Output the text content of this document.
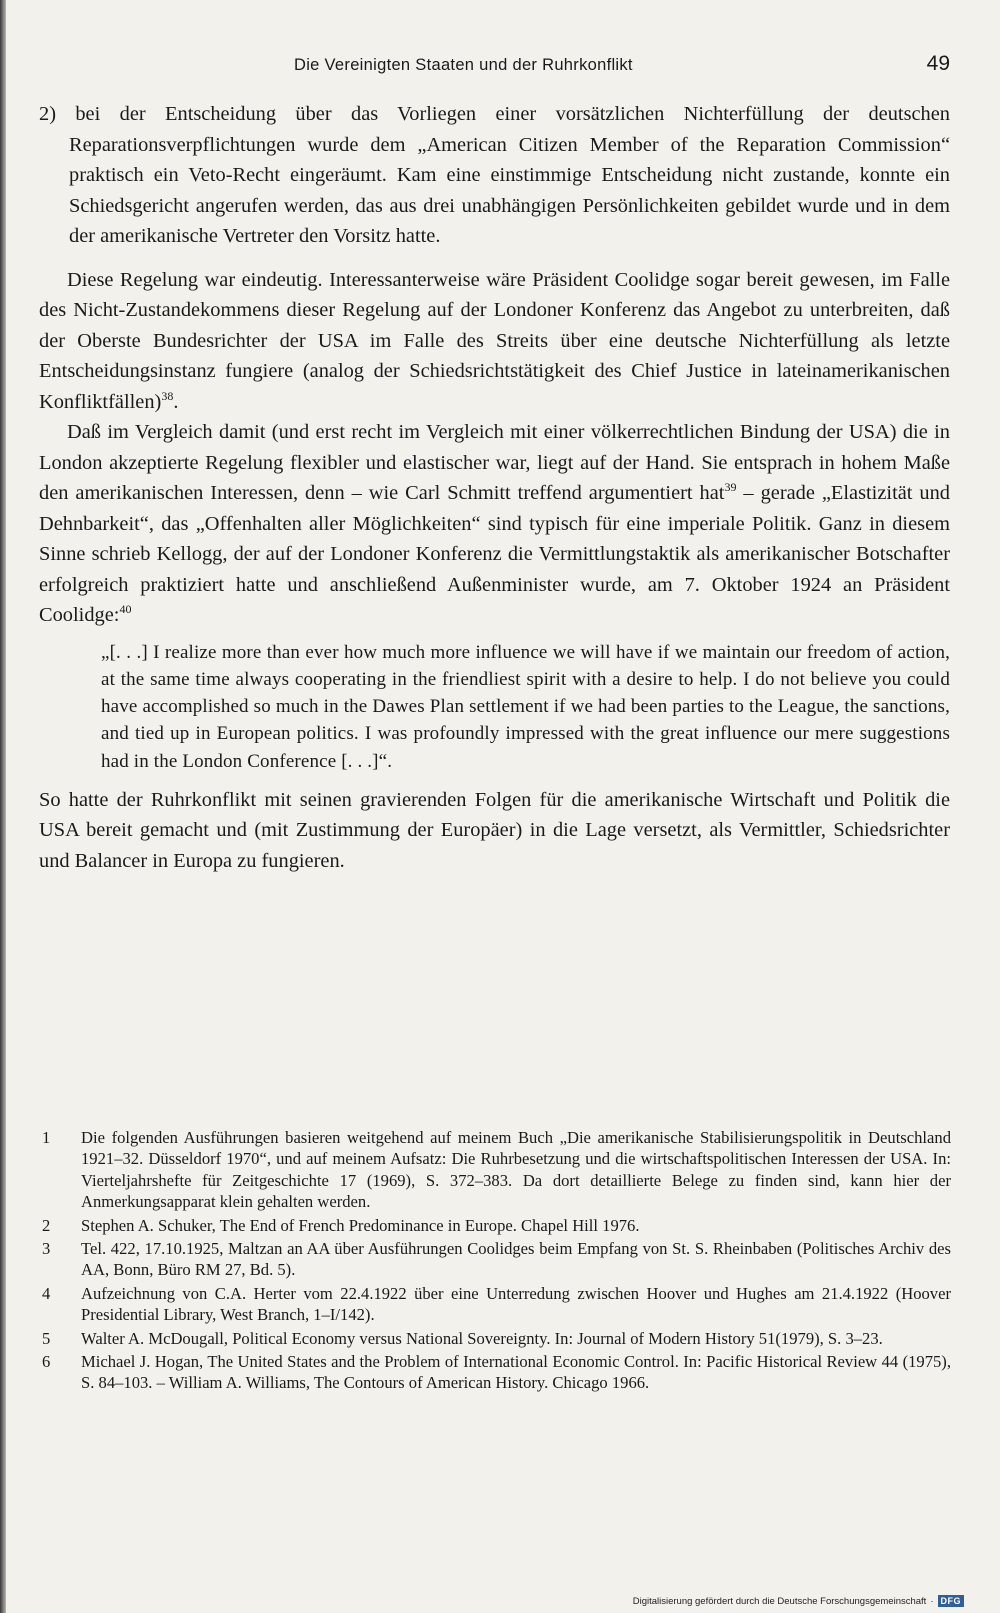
Die Vereinigten Staaten und der Ruhrkonflikt	49

2) bei der Entscheidung über das Vorliegen einer vorsätzlichen Nichterfüllung der deutschen Reparationsverpflichtungen wurde dem „American Citizen Member of the Reparation Commission“ praktisch ein Veto-Recht eingeräumt. Kam eine einstimmige Entscheidung nicht zustande, konnte ein Schiedsgericht angerufen werden, das aus drei unabhängigen Persönlichkeiten gebildet wurde und in dem der amerikanische Vertreter den Vorsitz hatte.

Diese Regelung war eindeutig. Interessanterweise wäre Präsident Coolidge sogar bereit gewesen, im Falle des Nicht-Zustandekommens dieser Regelung auf der Londoner Konferenz das Angebot zu unterbreiten, daß der Oberste Bundesrichter der USA im Falle des Streits über eine deutsche Nichterfüllung als letzte Entscheidungsinstanz fungiere (analog der Schiedsrichtstätigkeit des Chief Justice in lateinamerikanischen Konfliktfällen)$^{38}$.

Daß im Vergleich damit (und erst recht im Vergleich mit einer völkerrechtlichen Bindung der USA) die in London akzeptierte Regelung flexibler und elastischer war, liegt auf der Hand. Sie entsprach in hohem Maße den amerikanischen Interessen, denn – wie Carl Schmitt treffend argumentiert hat$^{39}$ – gerade „Elastizität und Dehnbarkeit“, das „Offenhalten aller Möglichkeiten“ sind typisch für eine imperiale Politik. Ganz in diesem Sinne schrieb Kellogg, der auf der Londoner Konferenz die Vermittlungstaktik als amerikanischer Botschafter erfolgreich praktiziert hatte und anschließend Außenminister wurde, am 7. Oktober 1924 an Präsident Coolidge:$^{40}$

„[. . .] I realize more than ever how much more influence we will have if we maintain our freedom of action, at the same time always cooperating in the friendliest spirit with a desire to help. I do not believe you could have accomplished so much in the Dawes Plan settlement if we had been parties to the League, the sanctions, and tied up in European politics. I was profoundly impressed with the great influence our mere suggestions had in the London Conference [. . .]“.

So hatte der Ruhrkonflikt mit seinen gravierenden Folgen für die amerikanische Wirtschaft und Politik die USA bereit gemacht und (mit Zustimmung der Europäer) in die Lage versetzt, als Vermittler, Schiedsrichter und Balancer in Europa zu fungieren.

1	Die folgenden Ausführungen basieren weitgehend auf meinem Buch „Die amerikanische Stabilisierungspolitik in Deutschland 1921–32. Düsseldorf 1970“, und auf meinem Aufsatz: Die Ruhrbesetzung und die wirtschaftspolitischen Interessen der USA. In: Vierteljahrshefte für Zeitgeschichte 17 (1969), S. 372–383. Da dort detaillierte Belege zu finden sind, kann hier der Anmerkungsapparat klein gehalten werden.
2	Stephen A. Schuker, The End of French Predominance in Europe. Chapel Hill 1976.
3	Tel. 422, 17.10.1925, Maltzan an AA über Ausführungen Coolidges beim Empfang von St. S. Rheinbaben (Politisches Archiv des AA, Bonn, Büro RM 27, Bd. 5).
4	Aufzeichnung von C.A. Herter vom 22.4.1922 über eine Unterredung zwischen Hoover und Hughes am 21.4.1922 (Hoover Presidential Library, West Branch, 1–I/142).
5	Walter A. McDougall, Political Economy versus National Sovereignty. In: Journal of Modern History 51(1979), S. 3–23.
6	Michael J. Hogan, The United States and the Problem of International Economic Control. In: Pacific Historical Review 44 (1975), S. 84–103. – William A. Williams, The Contours of American History. Chicago 1966.
Digitalisierung gefördert durch die Deutsche Forschungsgemeinschaft · DFG
